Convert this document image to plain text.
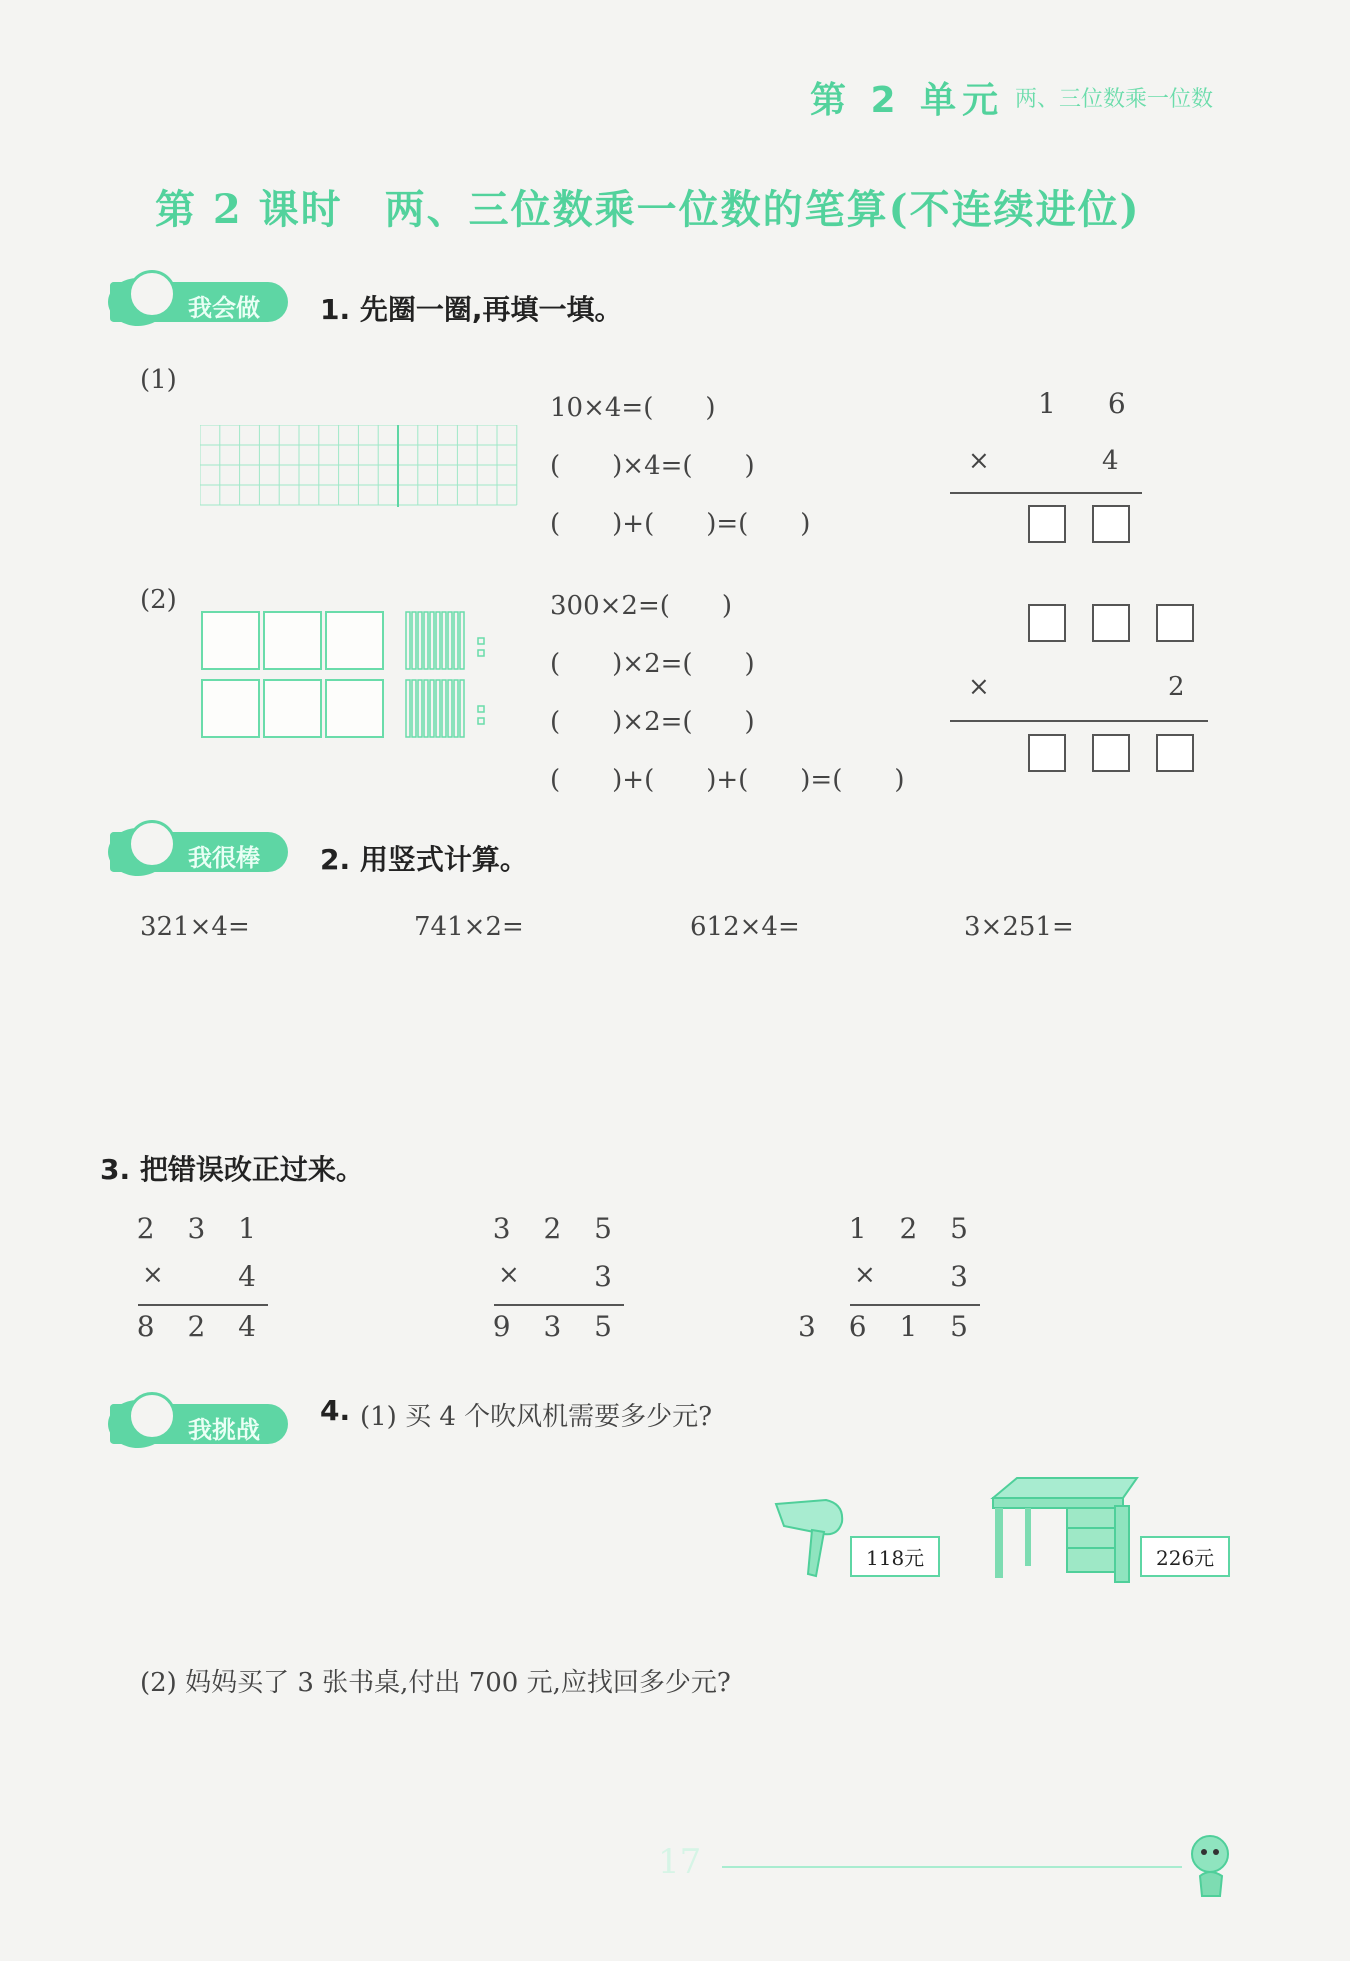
第 2 单元 两、三位数乘一位数
第 2 课时　两、三位数乘一位数的笔算(不连续进位)
我会做 1. 先圈一圈,再填一填。
(1)
10×4=(　　)
(　　)×4=(　　)
(　　)+(　　)=(　　)
1　6
×	4
(2)	300×2=(　　)
(　　)×2=(　　)
(　　)×2=(　　)
(　　)+(　　)+(　　)=(　　)
×	2
我很棒 2. 用竖式计算。
321×4=	741×2=	612×4=	3×251=
3. 把错误改正过来。
2 3 1
×	4
8 2 4
3 2 5
×	3
9 3 5
1 2 5
×	3
3 6 1 5
我挑战
4. (1) 买 4 个吹风机需要多少元?
118元	226元
(2) 妈妈买了 3 张书桌,付出 700 元,应找回多少元?
17
